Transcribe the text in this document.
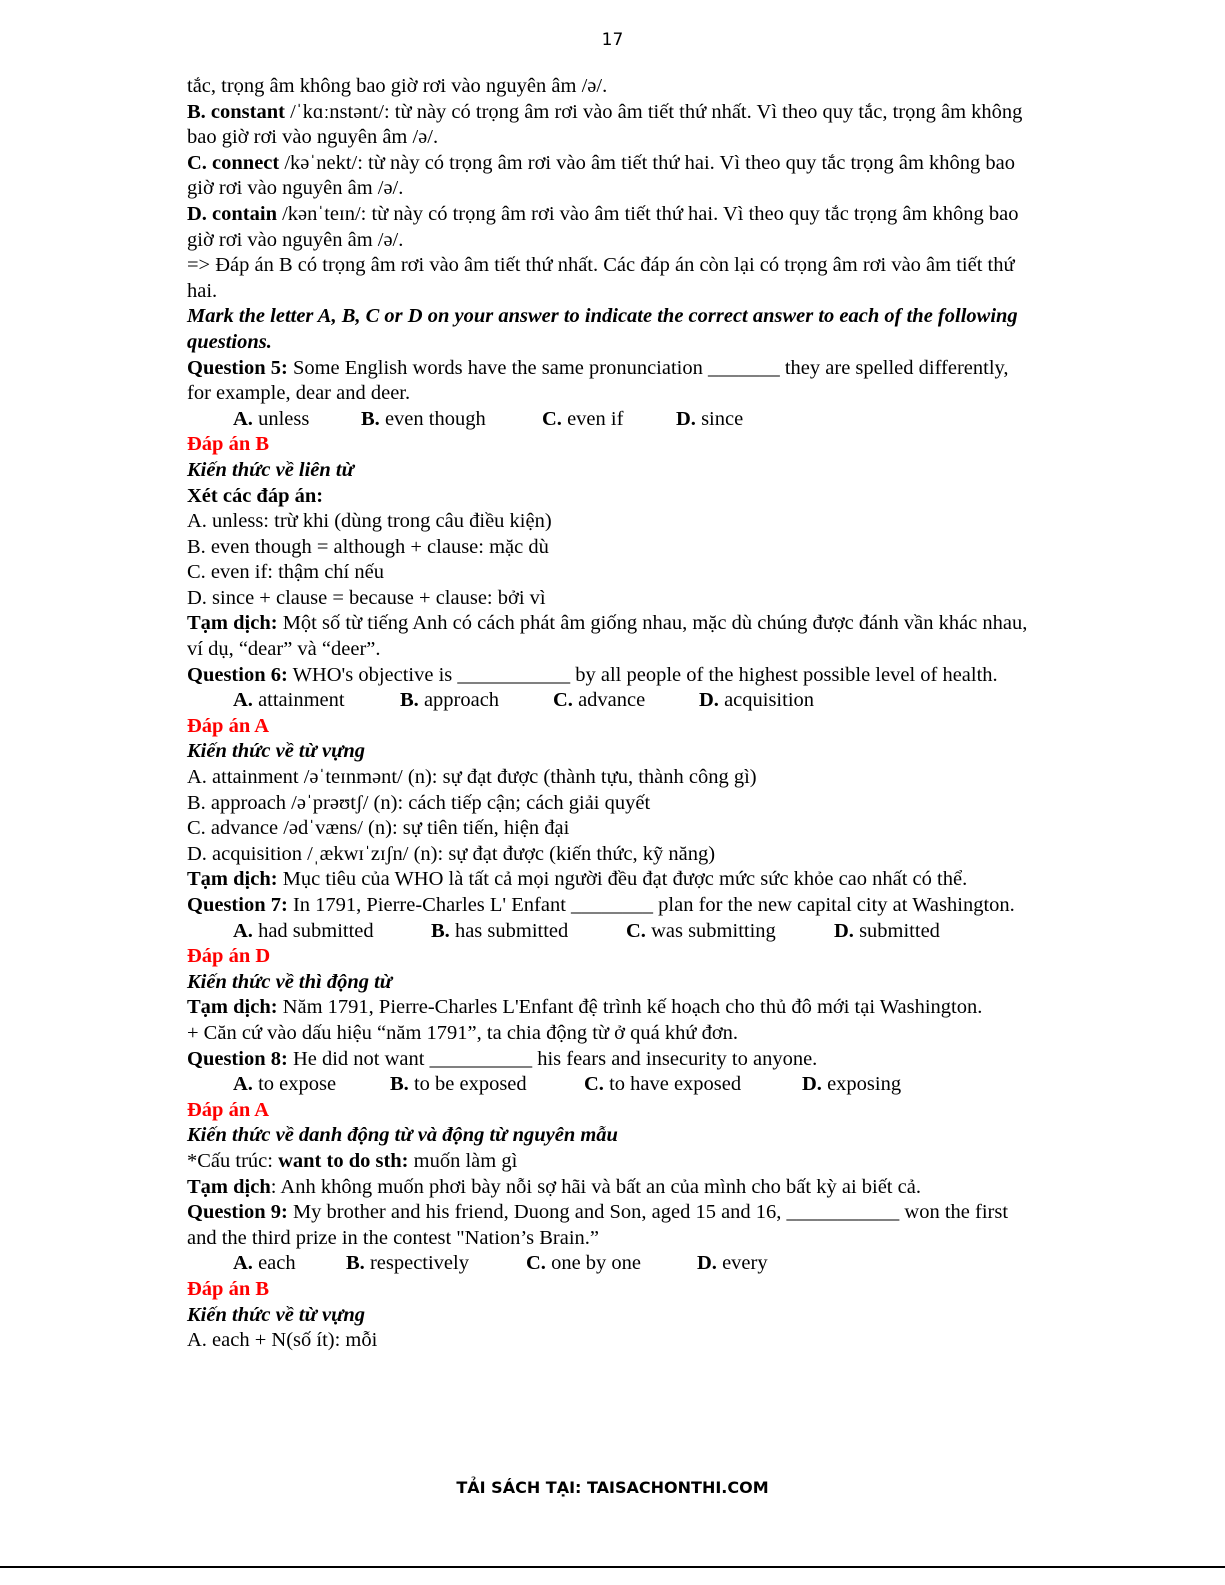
17

tắc, trọng âm không bao giờ rơi vào nguyên âm /ə/.

B. constant /ˈkɑːnstənt/: từ này có trọng âm rơi vào âm tiết thứ nhất. Vì theo quy tắc, trọng âm không bao giờ rơi vào nguyên âm /ə/.

C. connect /kəˈnekt/: từ này có trọng âm rơi vào âm tiết thứ hai. Vì theo quy tắc trọng âm không bao giờ rơi vào nguyên âm /ə/.

D. contain /kənˈteɪn/: từ này có trọng âm rơi vào âm tiết thứ hai. Vì theo quy tắc trọng âm không bao giờ rơi vào nguyên âm /ə/.

=> Đáp án B có trọng âm rơi vào âm tiết thứ nhất. Các đáp án còn lại có trọng âm rơi vào âm tiết thứ hai.

Mark the letter A, B, C or D on your answer to indicate the correct answer to each of the following questions.

Question 5: Some English words have the same pronunciation _______ they are spelled differently, for example, dear and deer.

A. unless	B. even though	C. even if	D. since

Đáp án B

Kiến thức về liên từ

Xét các đáp án:

A. unless: trừ khi (dùng trong câu điều kiện)

B. even though = although + clause: mặc dù

C. even if: thậm chí nếu

D. since + clause = because + clause: bởi vì

Tạm dịch: Một số từ tiếng Anh có cách phát âm giống nhau, mặc dù chúng được đánh vần khác nhau, ví dụ, “dear” và “deer”.

Question 6: WHO's objective is ___________ by all people of the highest possible level of health.

A. attainment	B. approach	C. advance	D. acquisition

Đáp án A

Kiến thức về từ vựng

A. attainment /əˈteɪnmənt/ (n): sự đạt được (thành tựu, thành công gì)

B. approach /əˈprəʊtʃ/ (n): cách tiếp cận; cách giải quyết

C. advance /ədˈvæns/ (n): sự tiên tiến, hiện đại

D. acquisition /ˌækwɪˈzɪʃn/ (n): sự đạt được (kiến thức, kỹ năng)

Tạm dịch: Mục tiêu của WHO là tất cả mọi người đều đạt được mức sức khỏe cao nhất có thể.

Question 7: In 1791, Pierre-Charles L' Enfant ________ plan for the new capital city at Washington.

A. had submitted	B. has submitted	C. was submitting	D. submitted

Đáp án D

Kiến thức về thì động từ

Tạm dịch: Năm 1791, Pierre-Charles L'Enfant đệ trình kế hoạch cho thủ đô mới tại Washington.

+ Căn cứ vào dấu hiệu “năm 1791”, ta chia động từ ở quá khứ đơn.

Question 8: He did not want __________ his fears and insecurity to anyone.

A. to expose	B. to be exposed	C. to have exposed	D. exposing

Đáp án A

Kiến thức về danh động từ và động từ nguyên mẫu

*Cấu trúc: want to do sth: muốn làm gì

Tạm dịch: Anh không muốn phơi bày nỗi sợ hãi và bất an của mình cho bất kỳ ai biết cả.

Question 9: My brother and his friend, Duong and Son, aged 15 and 16, ___________ won the first and the third prize in the contest "Nation’s Brain.”

A. each	B. respectively	C. one by one	D. every

Đáp án B

Kiến thức về từ vựng

A. each + N(số ít): mỗi

TẢI SÁCH TẠI: TAISACHONTHI.COM
